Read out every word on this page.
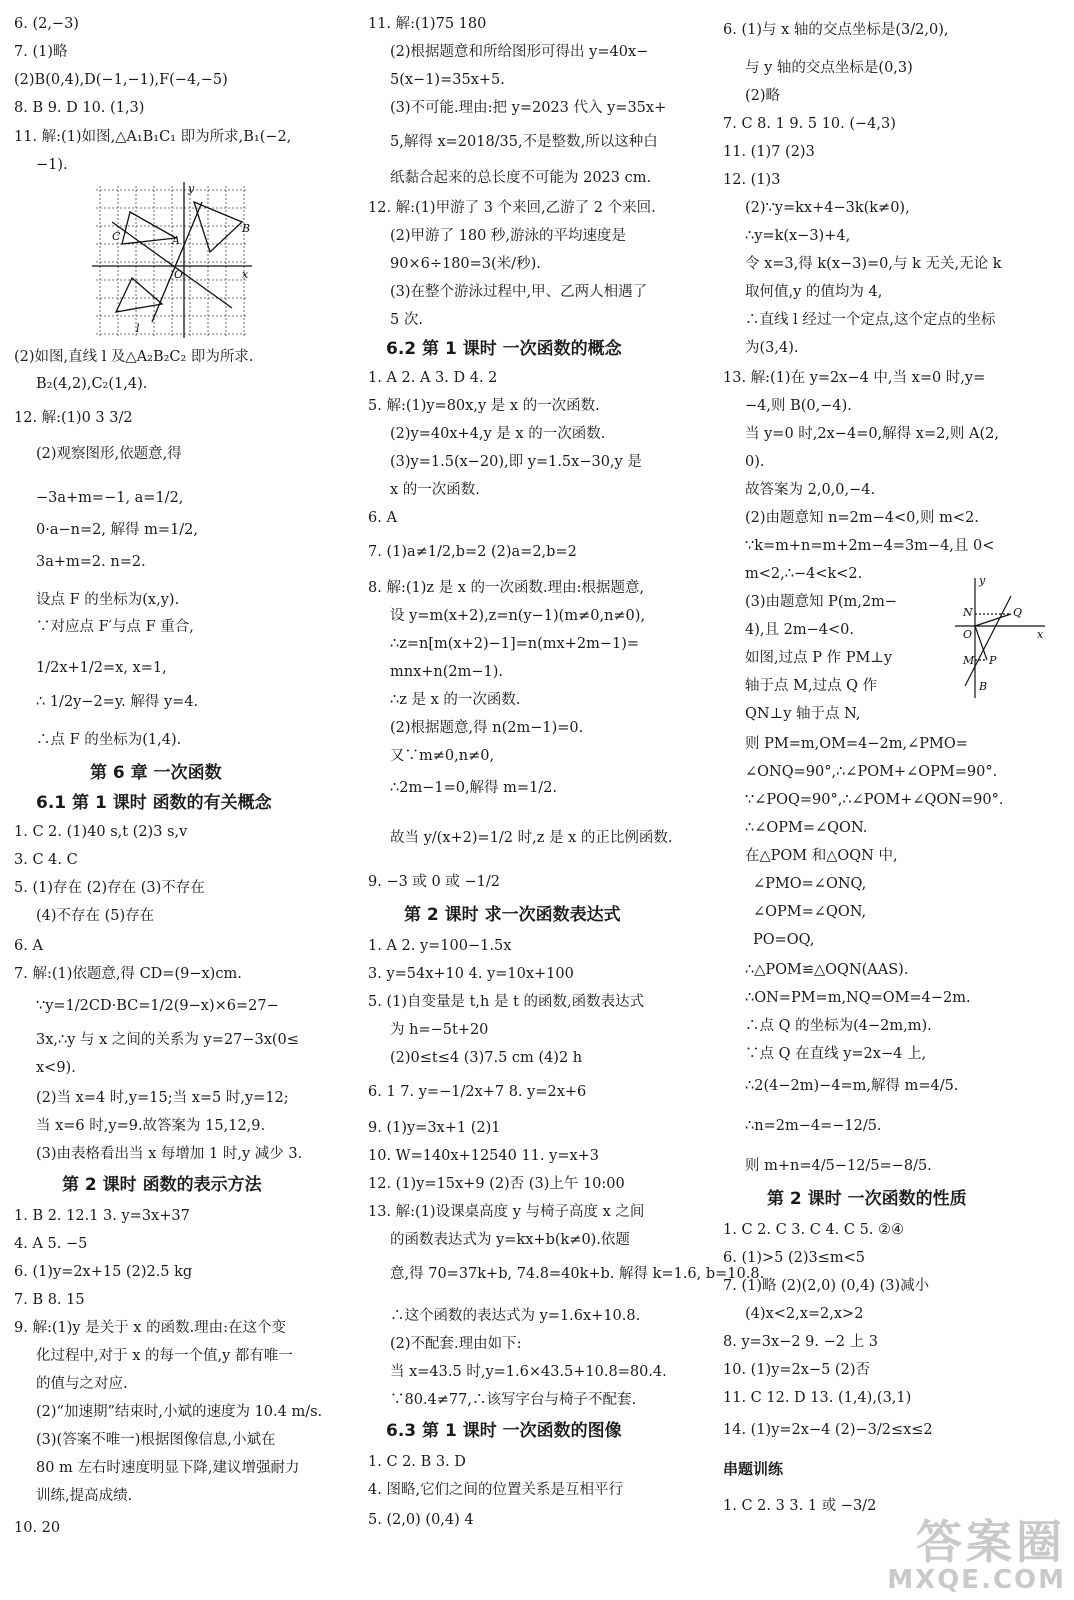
6. (2,−3)
7. (1)略
(2)B(0,4),D(−1,−1),F(−4,−5)
8. B 9. D 10. (1,3)
11. 解:(1)如图,△A₁B₁C₁ 即为所求,B₁(−2,
−1).
y
x
O
A
B
C
l
(2)如图,直线 l 及△A₂B₂C₂ 即为所求.
B₂(4,2),C₂(1,4).
12. 解:(1)0 3 3/2
(2)观察图形,依题意,得
−3a+m=−1, a=1/2,
0·a−n=2, 解得 m=1/2,
3a+m=2. n=2.
设点 F 的坐标为(x,y).
∵对应点 F′与点 F 重合,
1/2x+1/2=x, x=1,
∴ 1/2y−2=y. 解得 y=4.
∴点 F 的坐标为(1,4).
第 6 章 一次函数
6.1 第 1 课时 函数的有关概念
1. C 2. (1)40 s,t (2)3 s,v
3. C 4. C
5. (1)存在 (2)存在 (3)不存在
(4)不存在 (5)存在
6. A
7. 解:(1)依题意,得 CD=(9−x)cm.
∵y=1/2CD·BC=1/2(9−x)×6=27−
3x,∴y 与 x 之间的关系为 y=27−3x(0≤
x<9).
(2)当 x=4 时,y=15;当 x=5 时,y=12;
当 x=6 时,y=9.故答案为 15,12,9.
(3)由表格看出当 x 每增加 1 时,y 减少 3.
第 2 课时 函数的表示方法
1. B 2. 12.1 3. y=3x+37
4. A 5. −5
6. (1)y=2x+15 (2)2.5 kg
7. B 8. 15
9. 解:(1)y 是关于 x 的函数.理由:在这个变
化过程中,对于 x 的每一个值,y 都有唯一
的值与之对应.
(2)“加速期”结束时,小斌的速度为 10.4 m/s.
(3)(答案不唯一)根据图像信息,小斌在
80 m 左右时速度明显下降,建议增强耐力
训练,提高成绩.
10. 20
11. 解:(1)75 180
(2)根据题意和所给图形可得出 y=40x−
5(x−1)=35x+5.
(3)不可能.理由:把 y=2023 代入 y=35x+
5,解得 x=2018/35,不是整数,所以这种白
纸黏合起来的总长度不可能为 2023 cm.
12. 解:(1)甲游了 3 个来回,乙游了 2 个来回.
(2)甲游了 180 秒,游泳的平均速度是
90×6÷180=3(米/秒).
(3)在整个游泳过程中,甲、乙两人相遇了
5 次.
6.2 第 1 课时 一次函数的概念
1. A 2. A 3. D 4. 2
5. 解:(1)y=80x,y 是 x 的一次函数.
(2)y=40x+4,y 是 x 的一次函数.
(3)y=1.5(x−20),即 y=1.5x−30,y 是
x 的一次函数.
6. A
7. (1)a≠1/2,b=2 (2)a=2,b=2
8. 解:(1)z 是 x 的一次函数.理由:根据题意,
设 y=m(x+2),z=n(y−1)(m≠0,n≠0),
∴z=n[m(x+2)−1]=n(mx+2m−1)=
mnx+n(2m−1).
∴z 是 x 的一次函数.
(2)根据题意,得 n(2m−1)=0.
又∵m≠0,n≠0,
∴2m−1=0,解得 m=1/2.
故当 y/(x+2)=1/2 时,z 是 x 的正比例函数.
9. −3 或 0 或 −1/2
第 2 课时 求一次函数表达式
1. A 2. y=100−1.5x
3. y=54x+10 4. y=10x+100
5. (1)自变量是 t,h 是 t 的函数,函数表达式
为 h=−5t+20
(2)0≤t≤4 (3)7.5 cm (4)2 h
6. 1 7. y=−1/2x+7 8. y=2x+6
9. (1)y=3x+1 (2)1
10. W=140x+12540 11. y=x+3
12. (1)y=15x+9 (2)否 (3)上午 10:00
13. 解:(1)设课桌高度 y 与椅子高度 x 之间
的函数表达式为 y=kx+b(k≠0).依题
意,得 70=37k+b, 74.8=40k+b. 解得 k=1.6, b=10.8.
∴这个函数的表达式为 y=1.6x+10.8.
(2)不配套.理由如下:
当 x=43.5 时,y=1.6×43.5+10.8=80.4.
∵80.4≠77,∴该写字台与椅子不配套.
6.3 第 1 课时 一次函数的图像
1. C 2. B 3. D
4. 图略,它们之间的位置关系是互相平行
5. (2,0) (0,4) 4
6. (1)与 x 轴的交点坐标是(3/2,0),
与 y 轴的交点坐标是(0,3)
(2)略
7. C 8. 1 9. 5 10. (−4,3)
11. (1)7 (2)3
12. (1)3
(2)∵y=kx+4−3k(k≠0),
∴y=k(x−3)+4,
令 x=3,得 k(x−3)=0,与 k 无关,无论 k
取何值,y 的值均为 4,
∴直线 l 经过一个定点,这个定点的坐标
为(3,4).
13. 解:(1)在 y=2x−4 中,当 x=0 时,y=
−4,则 B(0,−4).
当 y=0 时,2x−4=0,解得 x=2,则 A(2,
0).
故答案为 2,0,0,−4.
(2)由题意知 n=2m−4<0,则 m<2.
∵k=m+n=m+2m−4=3m−4,且 0<
m<2,∴−4<k<2.
(3)由题意知 P(m,2m−
4),且 2m−4<0.
如图,过点 P 作 PM⊥y
轴于点 M,过点 Q 作
QN⊥y 轴于点 N,
y
x
O
N	Q
M P
B
则 PM=m,OM=4−2m,∠PMO=
∠ONQ=90°,∴∠POM+∠OPM=90°.
∵∠POQ=90°,∴∠POM+∠QON=90°.
∴∠OPM=∠QON.
在△POM 和△OQN 中,
∠PMO=∠ONQ,
∠OPM=∠QON,
PO=OQ,
∴△POM≌△OQN(AAS).
∴ON=PM=m,NQ=OM=4−2m.
∴点 Q 的坐标为(4−2m,m).
∵点 Q 在直线 y=2x−4 上,
∴2(4−2m)−4=m,解得 m=4/5.
∴n=2m−4=−12/5.
则 m+n=4/5−12/5=−8/5.
第 2 课时 一次函数的性质
1. C 2. C 3. C 4. C 5. ②④
6. (1)>5 (2)3≤m<5
7. (1)略 (2)(2,0) (0,4) (3)减小
(4)x<2,x=2,x>2
8. y=3x−2 9. −2 上 3
10. (1)y=2x−5 (2)否
11. C 12. D 13. (1,4),(3,1)
14. (1)y=2x−4 (2)−3/2≤x≤2
串题训练
1. C 2. 3 3. 1 或 −3/2
答案圈
MXQE.COM
